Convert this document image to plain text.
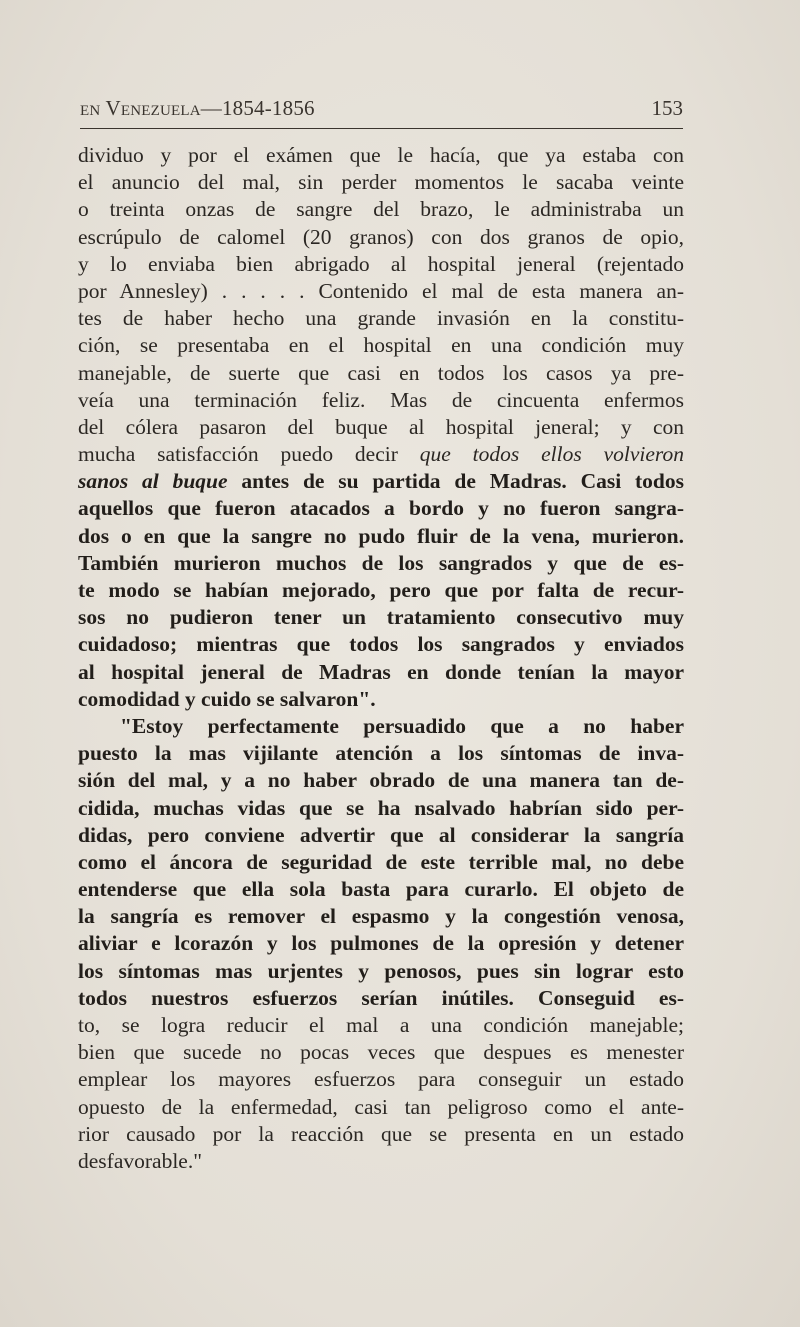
en Venezuela—1854-1856	153
dividuo y por el exámen que le hacía, que ya estaba con
el anuncio del mal, sin perder momentos le sacaba veinte
o treinta onzas de sangre del brazo, le administraba un
escrúpulo de calomel (20 granos) con dos granos de opio,
y lo enviaba bien abrigado al hospital jeneral (rejentado
por Annesley) . . . . . Contenido el mal de esta manera an-
tes de haber hecho una grande invasión en la constitu-
ción, se presentaba en el hospital en una condición muy
manejable, de suerte que casi en todos los casos ya pre-
veía una terminación feliz. Mas de cincuenta enfermos
del cólera pasaron del buque al hospital jeneral; y con
mucha satisfacción puedo decir que todos ellos volvieron
sanos al buque antes de su partida de Madras. Casi todos
aquellos que fueron atacados a bordo y no fueron sangra-
dos o en que la sangre no pudo fluir de la vena, murieron.
También murieron muchos de los sangrados y que de es-
te modo se habían mejorado, pero que por falta de recur-
sos no pudieron tener un tratamiento consecutivo muy
cuidadoso; mientras que todos los sangrados y enviados
al hospital jeneral de Madras en donde tenían la mayor
comodidad y cuido se salvaron".
"Estoy perfectamente persuadido que a no haber
puesto la mas vijilante atención a los síntomas de inva-
sión del mal, y a no haber obrado de una manera tan de-
cidida, muchas vidas que se ha nsalvado habrían sido per-
didas, pero conviene advertir que al considerar la sangría
como el áncora de seguridad de este terrible mal, no debe
entenderse que ella sola basta para curarlo. El objeto de
la sangría es remover el espasmo y la congestión venosa,
aliviar e lcorazón y los pulmones de la opresión y detener
los síntomas mas urjentes y penosos, pues sin lograr esto
todos nuestros esfuerzos serían inútiles. Conseguid es-
to, se logra reducir el mal a una condición manejable;
bien que sucede no pocas veces que despues es menester
emplear los mayores esfuerzos para conseguir un estado
opuesto de la enfermedad, casi tan peligroso como el ante-
rior causado por la reacción que se presenta en un estado
desfavorable."
